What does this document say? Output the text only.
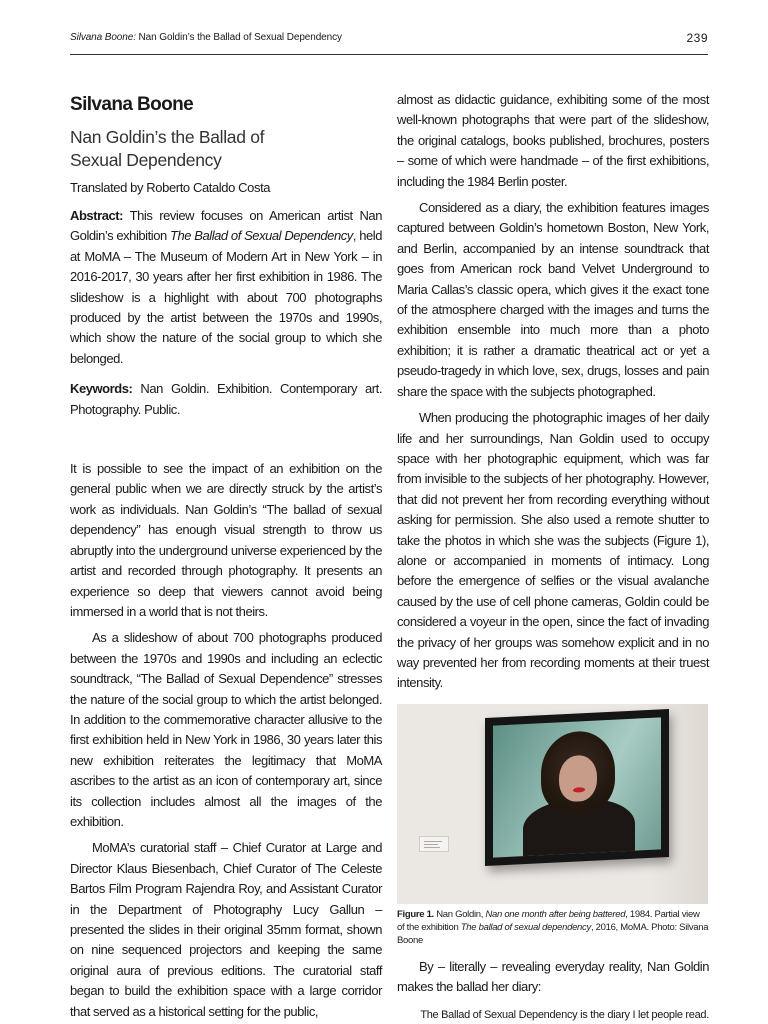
Silvana Boone: Nan Goldin’s the Ballad of Sexual Dependency	239
Silvana Boone
Nan Goldin’s the Ballad of
Sexual Dependency

Translated by Roberto Cataldo Costa

Abstract: This review focuses on American artist Nan Goldin’s exhibition The Ballad of Sexual Dependency, held at MoMA – The Museum of Modern Art in New York – in 2016-2017, 30 years after her first exhibition in 1986. The slideshow is a highlight with about 700 photographs produced by the artist between the 1970s and 1990s, which show the nature of the social group to which she belonged.

Keywords: Nan Goldin. Exhibition. Contemporary art. Photography. Public.

It is possible to see the impact of an exhibition on the general public when we are directly struck by the artist’s work as individuals. Nan Goldin’s “The ballad of sexual dependency” has enough visual strength to throw us abruptly into the underground universe experienced by the artist and recorded through photography. It presents an experience so deep that viewers cannot avoid being immersed in a world that is not theirs.

As a slideshow of about 700 photographs produced between the 1970s and 1990s and including an eclectic soundtrack, “The Ballad of Sexual Dependence” stresses the nature of the social group to which the artist belonged. In addition to the commemorative character allusive to the first exhibition held in New York in 1986, 30 years later this new exhibition reiterates the legitimacy that MoMA ascribes to the artist as an icon of contemporary art, since its collection includes almost all the images of the exhibition.

MoMA’s curatorial staff – Chief Curator at Large and Director Klaus Biesenbach, Chief Curator of The Celeste Bartos Film Program Rajendra Roy, and Assistant Curator in the Department of Photography Lucy Gallun – presented the slides in their original 35mm format, shown on nine sequenced projectors and keeping the same original aura of previous editions. The curatorial staff began to build the exhibition space with a large corridor that served as a historical setting for the public,

almost as didactic guidance, exhibiting some of the most well-known photographs that were part of the slideshow, the original catalogs, books published, brochures, posters – some of which were handmade – of the first exhibitions, including the 1984 Berlin poster.

Considered as a diary, the exhibition features images captured between Goldin’s hometown Boston, New York, and Berlin, accompanied by an intense soundtrack that goes from American rock band Velvet Underground to Maria Callas’s classic opera, which gives it the exact tone of the atmosphere charged with the images and turns the exhibition ensemble into much more than a photo exhibition; it is rather a dramatic theatrical act or yet a pseudo-tragedy in which love, sex, drugs, losses and pain share the space with the subjects photographed.

When producing the photographic images of her daily life and her surroundings, Nan Goldin used to occupy space with her photographic equipment, which was far from invisible to the subjects of her photography. However, that did not prevent her from recording everything without asking for permission. She also used a remote shutter to take the photos in which she was the subjects (Figure 1), alone or accompanied in moments of intimacy. Long before the emergence of selfies or the visual avalanche caused by the use of cell phone cameras, Goldin could be considered a voyeur in the open, since the fact of invading the privacy of her groups was somehow explicit and in no way prevented her from recording moments at their truest intensity.

Figure 1. Nan Goldin, Nan one month after being battered, 1984. Partial view of the exhibition The ballad of sexual dependency, 2016, MoMA. Photo: Silvana Boone

By – literally – revealing everyday reality, Nan Goldin makes the ballad her diary:

The Ballad of Sexual Dependency is the diary I let people read.
